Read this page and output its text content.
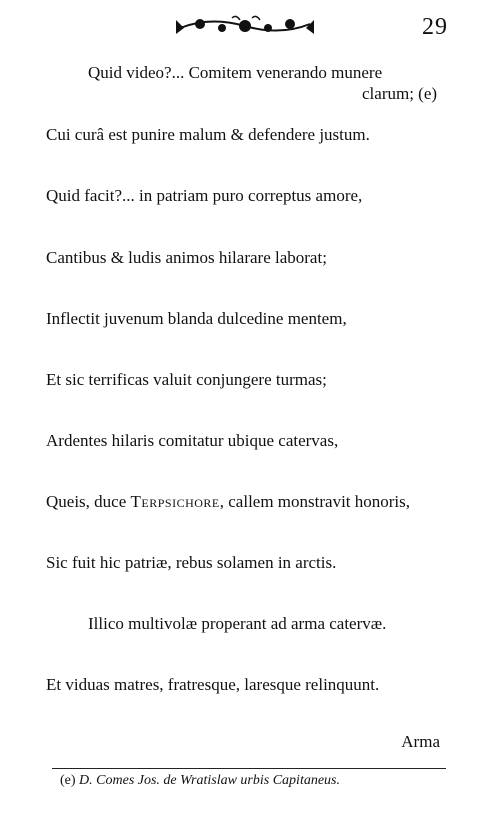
29
Quid video?... Comitem venerando munere
clarum; (e)
Cui curâ est punire malum & defendere justum.
Quid facit?... in patriam puro correptus amore,
Cantibus & ludis animos hilarare laborat;
Inflectit juvenum blanda dulcedine mentem,
Et sic terrificas valuit conjungere turmas;
Ardentes hilaris comitatur ubique catervas,
Queis, duce Terpsichore, callem monstravit honoris,
Sic fuit hic patriæ, rebus solamen in arctis.
Illico multivolæ properant ad arma catervæ.
Et viduas matres, fratresque, laresque relinquunt.
Arma
(e) D. Comes Jos. de Wratislaw urbis Capitaneus.
